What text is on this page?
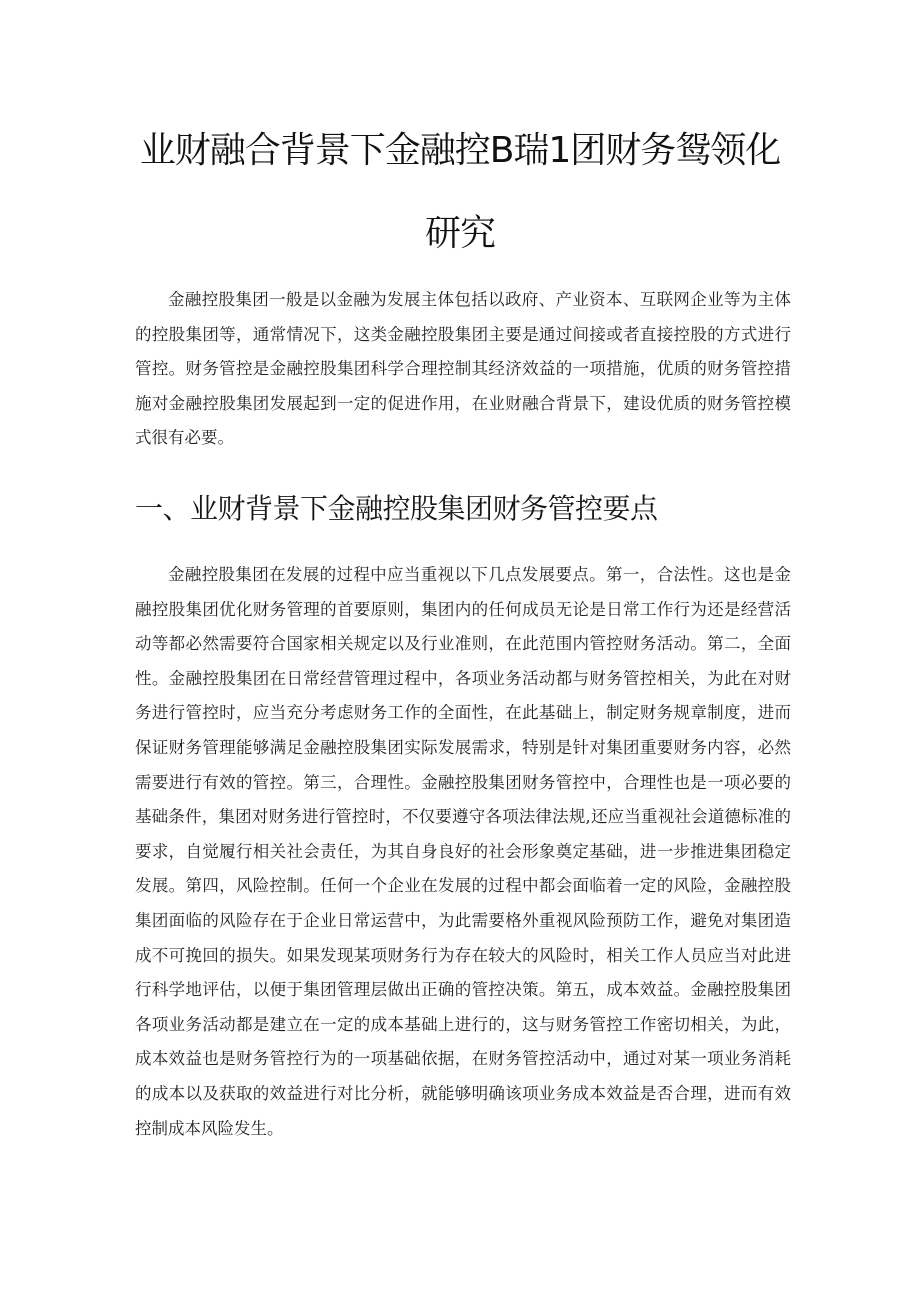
业财融合背景下金融控B瑞1团财务鸳领化
研究

金融控股集团一般是以金融为发展主体包括以政府、产业资本、互联网企业等为主体的控股集团等，通常情况下，这类金融控股集团主要是通过间接或者直接控股的方式进行管控。财务管控是金融控股集团科学合理控制其经济效益的一项措施，优质的财务管控措施对金融控股集团发展起到一定的促进作用，在业财融合背景下，建设优质的财务管控模式很有必要。

一、业财背景下金融控股集团财务管控要点

金融控股集团在发展的过程中应当重视以下几点发展要点。第一，合法性。这也是金融控股集团优化财务管理的首要原则，集团内的任何成员无论是日常工作行为还是经营活动等都必然需要符合国家相关规定以及行业准则，在此范围内管控财务活动。第二，全面性。金融控股集团在日常经营管理过程中，各项业务活动都与财务管控相关，为此在对财务进行管控时，应当充分考虑财务工作的全面性，在此基础上，制定财务规章制度，进而保证财务管理能够满足金融控股集团实际发展需求，特别是针对集团重要财务内容，必然需要进行有效的管控。第三，合理性。金融控股集团财务管控中，合理性也是一项必要的基础条件，集团对财务进行管控时，不仅要遵守各项法律法规,还应当重视社会道德标准的要求，自觉履行相关社会责任，为其自身良好的社会形象奠定基础，进一步推进集团稳定发展。第四，风险控制。任何一个企业在发展的过程中都会面临着一定的风险，金融控股集团面临的风险存在于企业日常运营中，为此需要格外重视风险预防工作，避免对集团造成不可挽回的损失。如果发现某项财务行为存在较大的风险时，相关工作人员应当对此进行科学地评估，以便于集团管理层做出正确的管控决策。第五，成本效益。金融控股集团各项业务活动都是建立在一定的成本基础上进行的，这与财务管控工作密切相关，为此，成本效益也是财务管控行为的一项基础依据，在财务管控活动中，通过对某一项业务消耗的成本以及获取的效益进行对比分析，就能够明确该项业务成本效益是否合理，进而有效控制成本风险发生。
